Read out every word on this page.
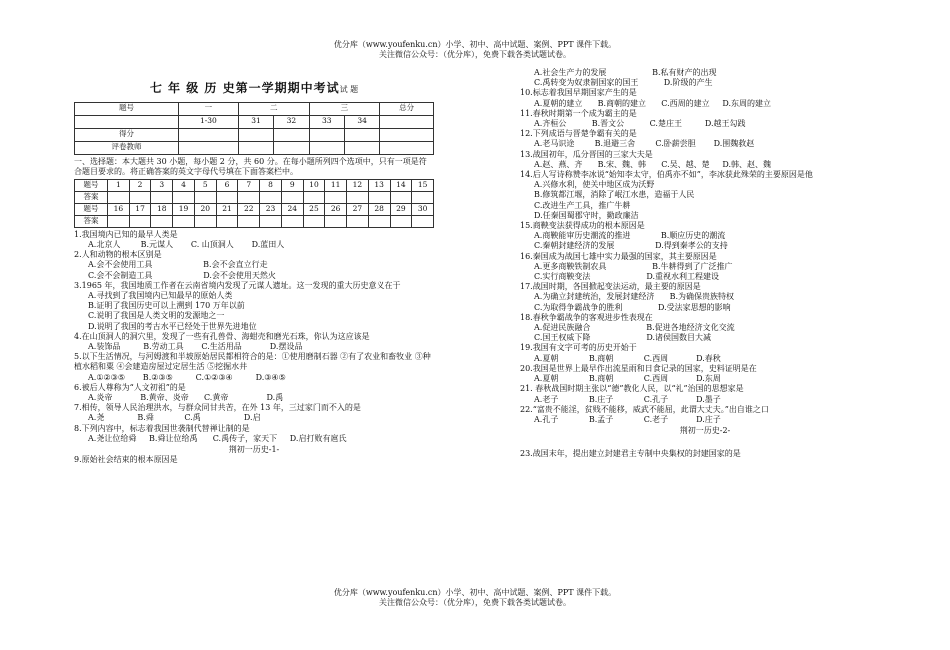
优分库（www.youfenku.cn）小学、初中、高中试题、案例、PPT 课件下载。
关注微信公众号：（优分库），免费下载各类试题试卷。
七 年 级 历 史第一学期期中考试试 题
题号	一	二		三		总分
	1-30	31	32	33	34	
得分						
评卷教师						

一、选择题：本大题共 30 小题，每小题 2 分，共 60 分。在每小题所列四个选项中，只有一项是符合题目要求的。将正确答案的英文字母代号填在下面答案栏中。

题号	1	2	3	4	5	6	7	8	9	10	11	12	13	14	15
答案															
题号	16	17	18	19	20	21	22	23	24	25	26	27	28	29	30
答案															

1.我国境内已知的最早人类是
A.北京人        B.元谋人       C. 山顶洞人       D.蓝田人

2.人和动物的根本区别是
A.会不会使用工具                    B.会不会直立行走
C.会不会制造工具                    D.会不会使用天然火

3.1965 年，我国地质工作者在云南省境内发现了元谋人遗址。这一发现的重大历史意义在于
A.寻找到了我国境内已知最早的原始人类
B.证明了我国历史可以上溯到 170 万年以前
C.说明了我国是人类文明的发源地之一
D.说明了我国的考古水平已经处于世界先进地位

4.在山顶洞人的洞穴里，发现了一些有孔兽骨、海蚶壳和磨光石珠，你认为这应该是
A.装饰品         B.劳动工具       C.生活用品           D.摆设品

5.以下生活情况，与河姆渡和半坡原始居民都相符合的是：①使用磨制石器 ②有了农业和畜牧业 ③种植水稻和粟 ④会建造房屋过定居生活 ⑤挖掘水井
A.①②③⑤       B.②③⑤         C.①②③④         D.③④⑤

6.被后人尊称为“人文初祖”的是
A.炎帝           B.黄帝、炎帝      C.黄帝               D.禹

7.相传，领导人民治理洪水，与群众同甘共苦，在外 13 年，三过家门而不入的是
A.尧             B.舜            C.禹                 D.启

8.下列内容中，标志着我国世袭制代替禅让制的是
A.尧让位给舜     B.舜让位给禹      C.禹传子，家天下     D.启打败有扈氏

荆初一历史-1-

9.原始社会结束的根本原因是

A.社会生产力的发展                  B.私有财产的出现
C.禹转变为奴隶制国家的国王          D.阶级的产生

10.标志着我国早期国家产生的是
A.夏朝的建立      B.商朝的建立      C.西周的建立     D.东周的建立

11.春秋时期第一个成为霸主的是
A.齐桓公          B.晋文公          C.楚庄王         D.越王勾践

12.下列成语与晋楚争霸有关的是
A.老马识途        B.退避三舍        C.卧薪尝胆       D.围魏救赵

13.战国初年，瓜分晋国的三家大夫是
A.赵、燕、齐      B.宋、魏、韩      C.吴、越、楚     D.韩、赵、魏

14.后人写诗称赞李冰说“始知李太守，伯禹亦不如”，李冰获此殊荣的主要原因是他
A.兴修水利，使关中地区成为沃野
B.修筑都江堰，消除了岷江水患，造福于人民
C.改进生产工具，推广牛耕
D.任秦国蜀郡守时，勤政廉洁

15.商鞅变法获得成功的根本原因是
A.商鞅能审历史潮流的推进            B.顺应历史的潮流
C.秦朝封建经济的发展                D.得到秦孝公的支持

16.秦国成为战国七雄中实力最强的国家，其主要原因是
A.更多商鞅铁制农具                  B.牛耕得到了广泛推广
C.实行商鞅变法                      D.重视水利工程建设

17.战国时期，各国掀起变法运动，最主要的原因是
A.为确立封建统治，发展封建经济      B.为确保贵族特权
C.为取得争霸战争的胜利              D.受法家思想的影响

18.春秋争霸战争的客观进步性表现在
A.促进民族融合                      B.促进各地经济文化交流
C.国王权威下降                      D.诸侯国数目大减

19.我国有文字可考的历史开始于
A.夏朝            B.商朝            C.西周           D.春秋

20.我国是世界上最早作出流星雨和日食记录的国家，史料证明是在
A.夏朝            B.商朝            C.西周           D.东周

21. 春秋战国时期主张以“德”教化人民，以“礼”治国的思想家是
A.老子            B.庄子            C.孔子           D.墨子

22.“富贵不能淫，贫贱不能移，威武不能屈，此谓大丈夫。”出自谁之口
A.孔子            B.孟子            C.老子           D.庄子

荆初一历史-2-

23.战国末年，提出建立封建君主专制中央集权的封建国家的是

优分库（www.youfenku.cn）小学、初中、高中试题、案例、PPT 课件下载。
关注微信公众号：（优分库），免费下载各类试题试卷。
